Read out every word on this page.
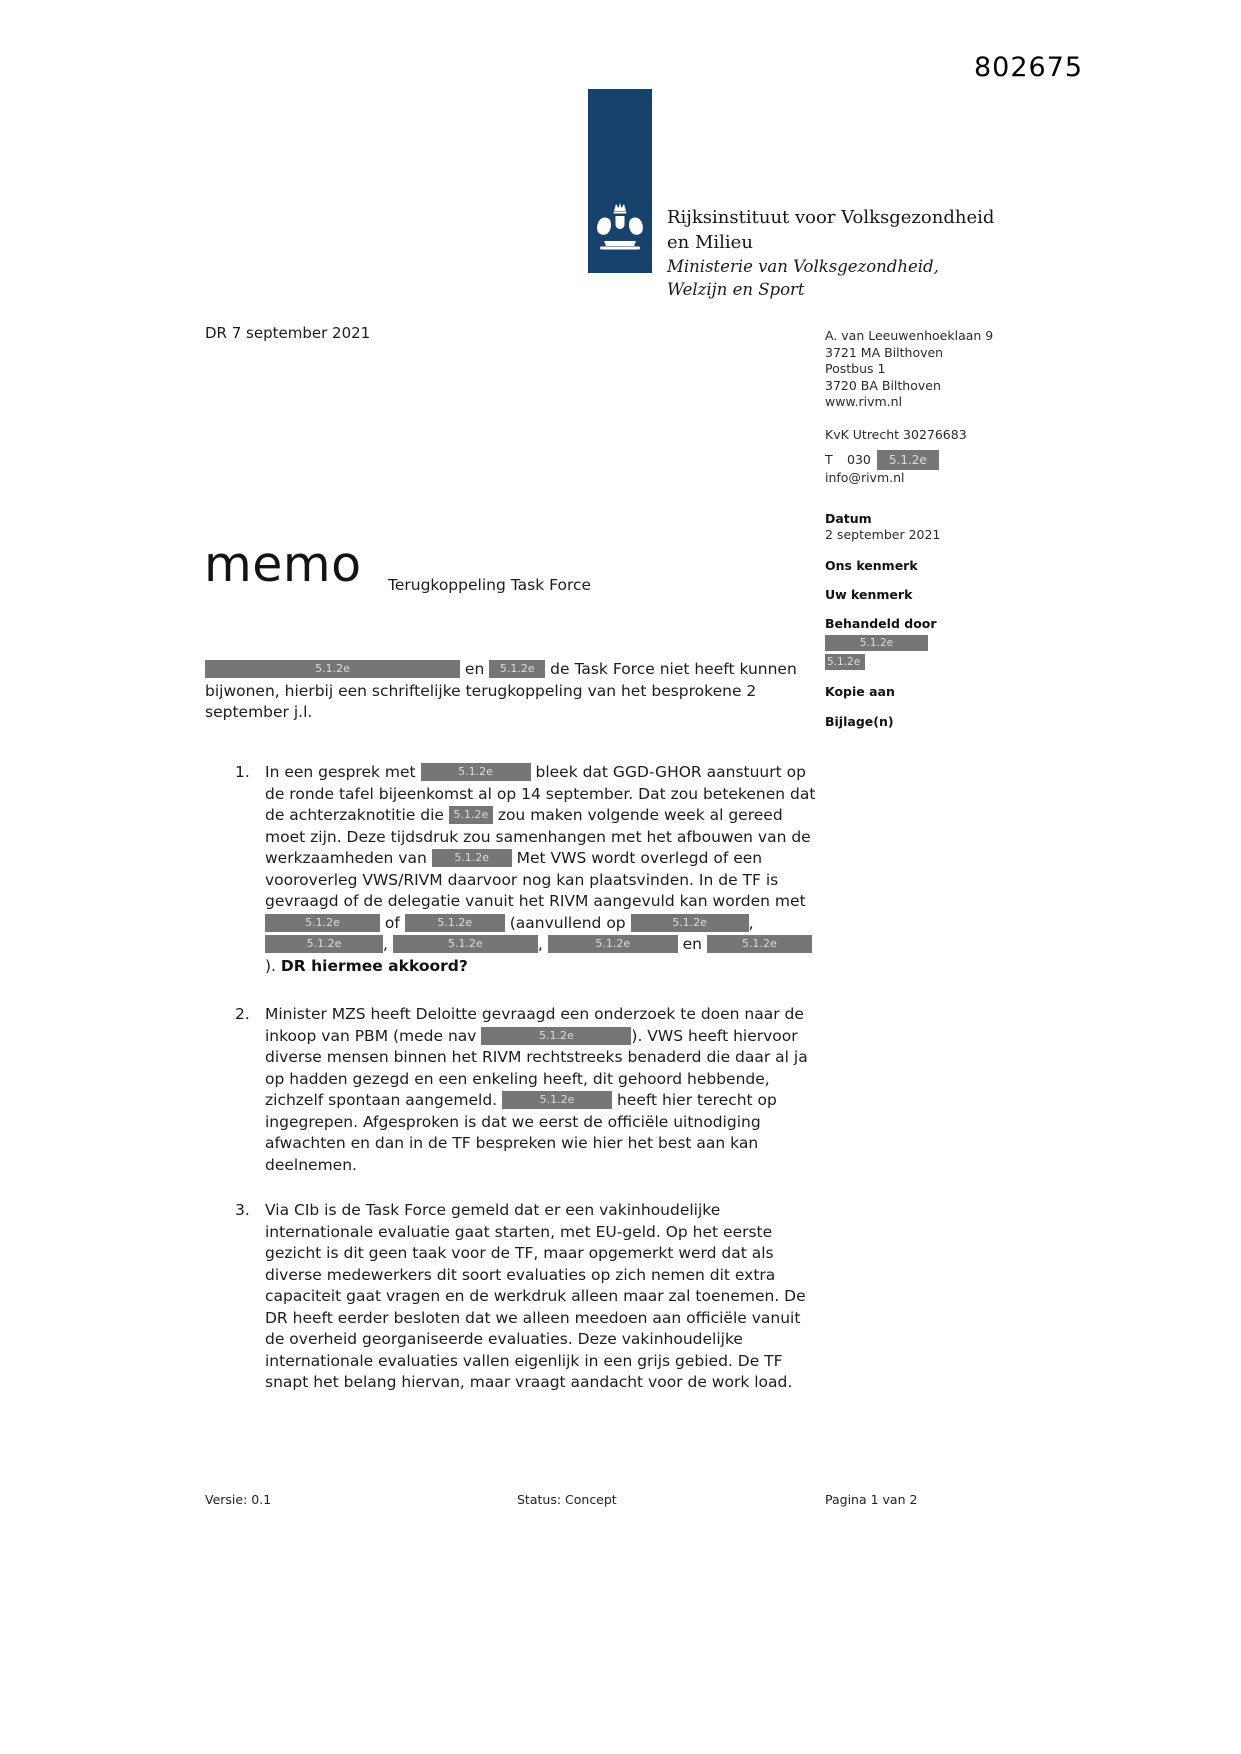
802675
Rijksinstituut voor Volksgezondheid
en Milieu
Ministerie van Volksgezondheid,
Welzijn en Sport
DR 7 september 2021	A. van Leeuwenhoeklaan 9
3721 MA Bilthoven
Postbus 1
3720 BA Bilthoven
www.rivm.nl
KvK Utrecht 30276683
T	030	5.1.2e
info@rivm.nl
Datum
2 september 2021
Ons kenmerk
Uw kenmerk
Behandeld door
5.1.2e
5.1.2e
Kopie aan
Bijlage(n)
memo Terugkoppeling Task Force
5.1.2e	en 5.1.2e de Task Force niet heeft kunnen bijwonen, hierbij een schriftelijke terugkoppeling van het besprokene 2 september j.l.
1. In een gesprek met	5.1.2e bleek dat GGD-GHOR aanstuurt op de ronde tafel bijeenkomst al op 14 september. Dat zou betekenen dat de achterzaknotitie die 5.1.2e zou maken volgende week al gereed moet zijn. Deze tijdsdruk zou samenhangen met het afbouwen van de werkzaamheden van 5.1.2e Met VWS wordt overlegd of een vooroverleg VWS/RIVM daarvoor nog kan plaatsvinden. In de TF is gevraagd of de delegatie vanuit het RIVM aangevuld kan worden met 5.1.2e	of	5.1.2e (aanvullend op	5.1.2e	, 5.1.2e	,	5.1.2e	,	5.1.2e	en	5.1.2e). DR hiermee akkoord?
2. Minister MZS heeft Deloitte gevraagd een onderzoek te doen naar de inkoop van PBM (mede nav	5.1.2e	). VWS heeft hiervoor diverse mensen binnen het RIVM rechtstreeks benaderd die daar al ja op hadden gezegd en een enkeling heeft, dit gehoord hebbende, zichzelf spontaan aangemeld.	5.1.2e heeft hier terecht op ingegrepen. Afgesproken is dat we eerst de officiële uitnodiging afwachten en dan in de TF bespreken wie hier het best aan kan deelnemen.
3. Via CIb is de Task Force gemeld dat er een vakinhoudelijke internationale evaluatie gaat starten, met EU-geld. Op het eerste gezicht is dit geen taak voor de TF, maar opgemerkt werd dat als diverse medewerkers dit soort evaluaties op zich nemen dit extra capaciteit gaat vragen en de werkdruk alleen maar zal toenemen. De DR heeft eerder besloten dat we alleen meedoen aan officiële vanuit de overheid georganiseerde evaluaties. Deze vakinhoudelijke internationale evaluaties vallen eigenlijk in een grijs gebied. De TF snapt het belang hiervan, maar vraagt aandacht voor de work load.
Versie: 0.1	Status: Concept	Pagina 1 van 2
